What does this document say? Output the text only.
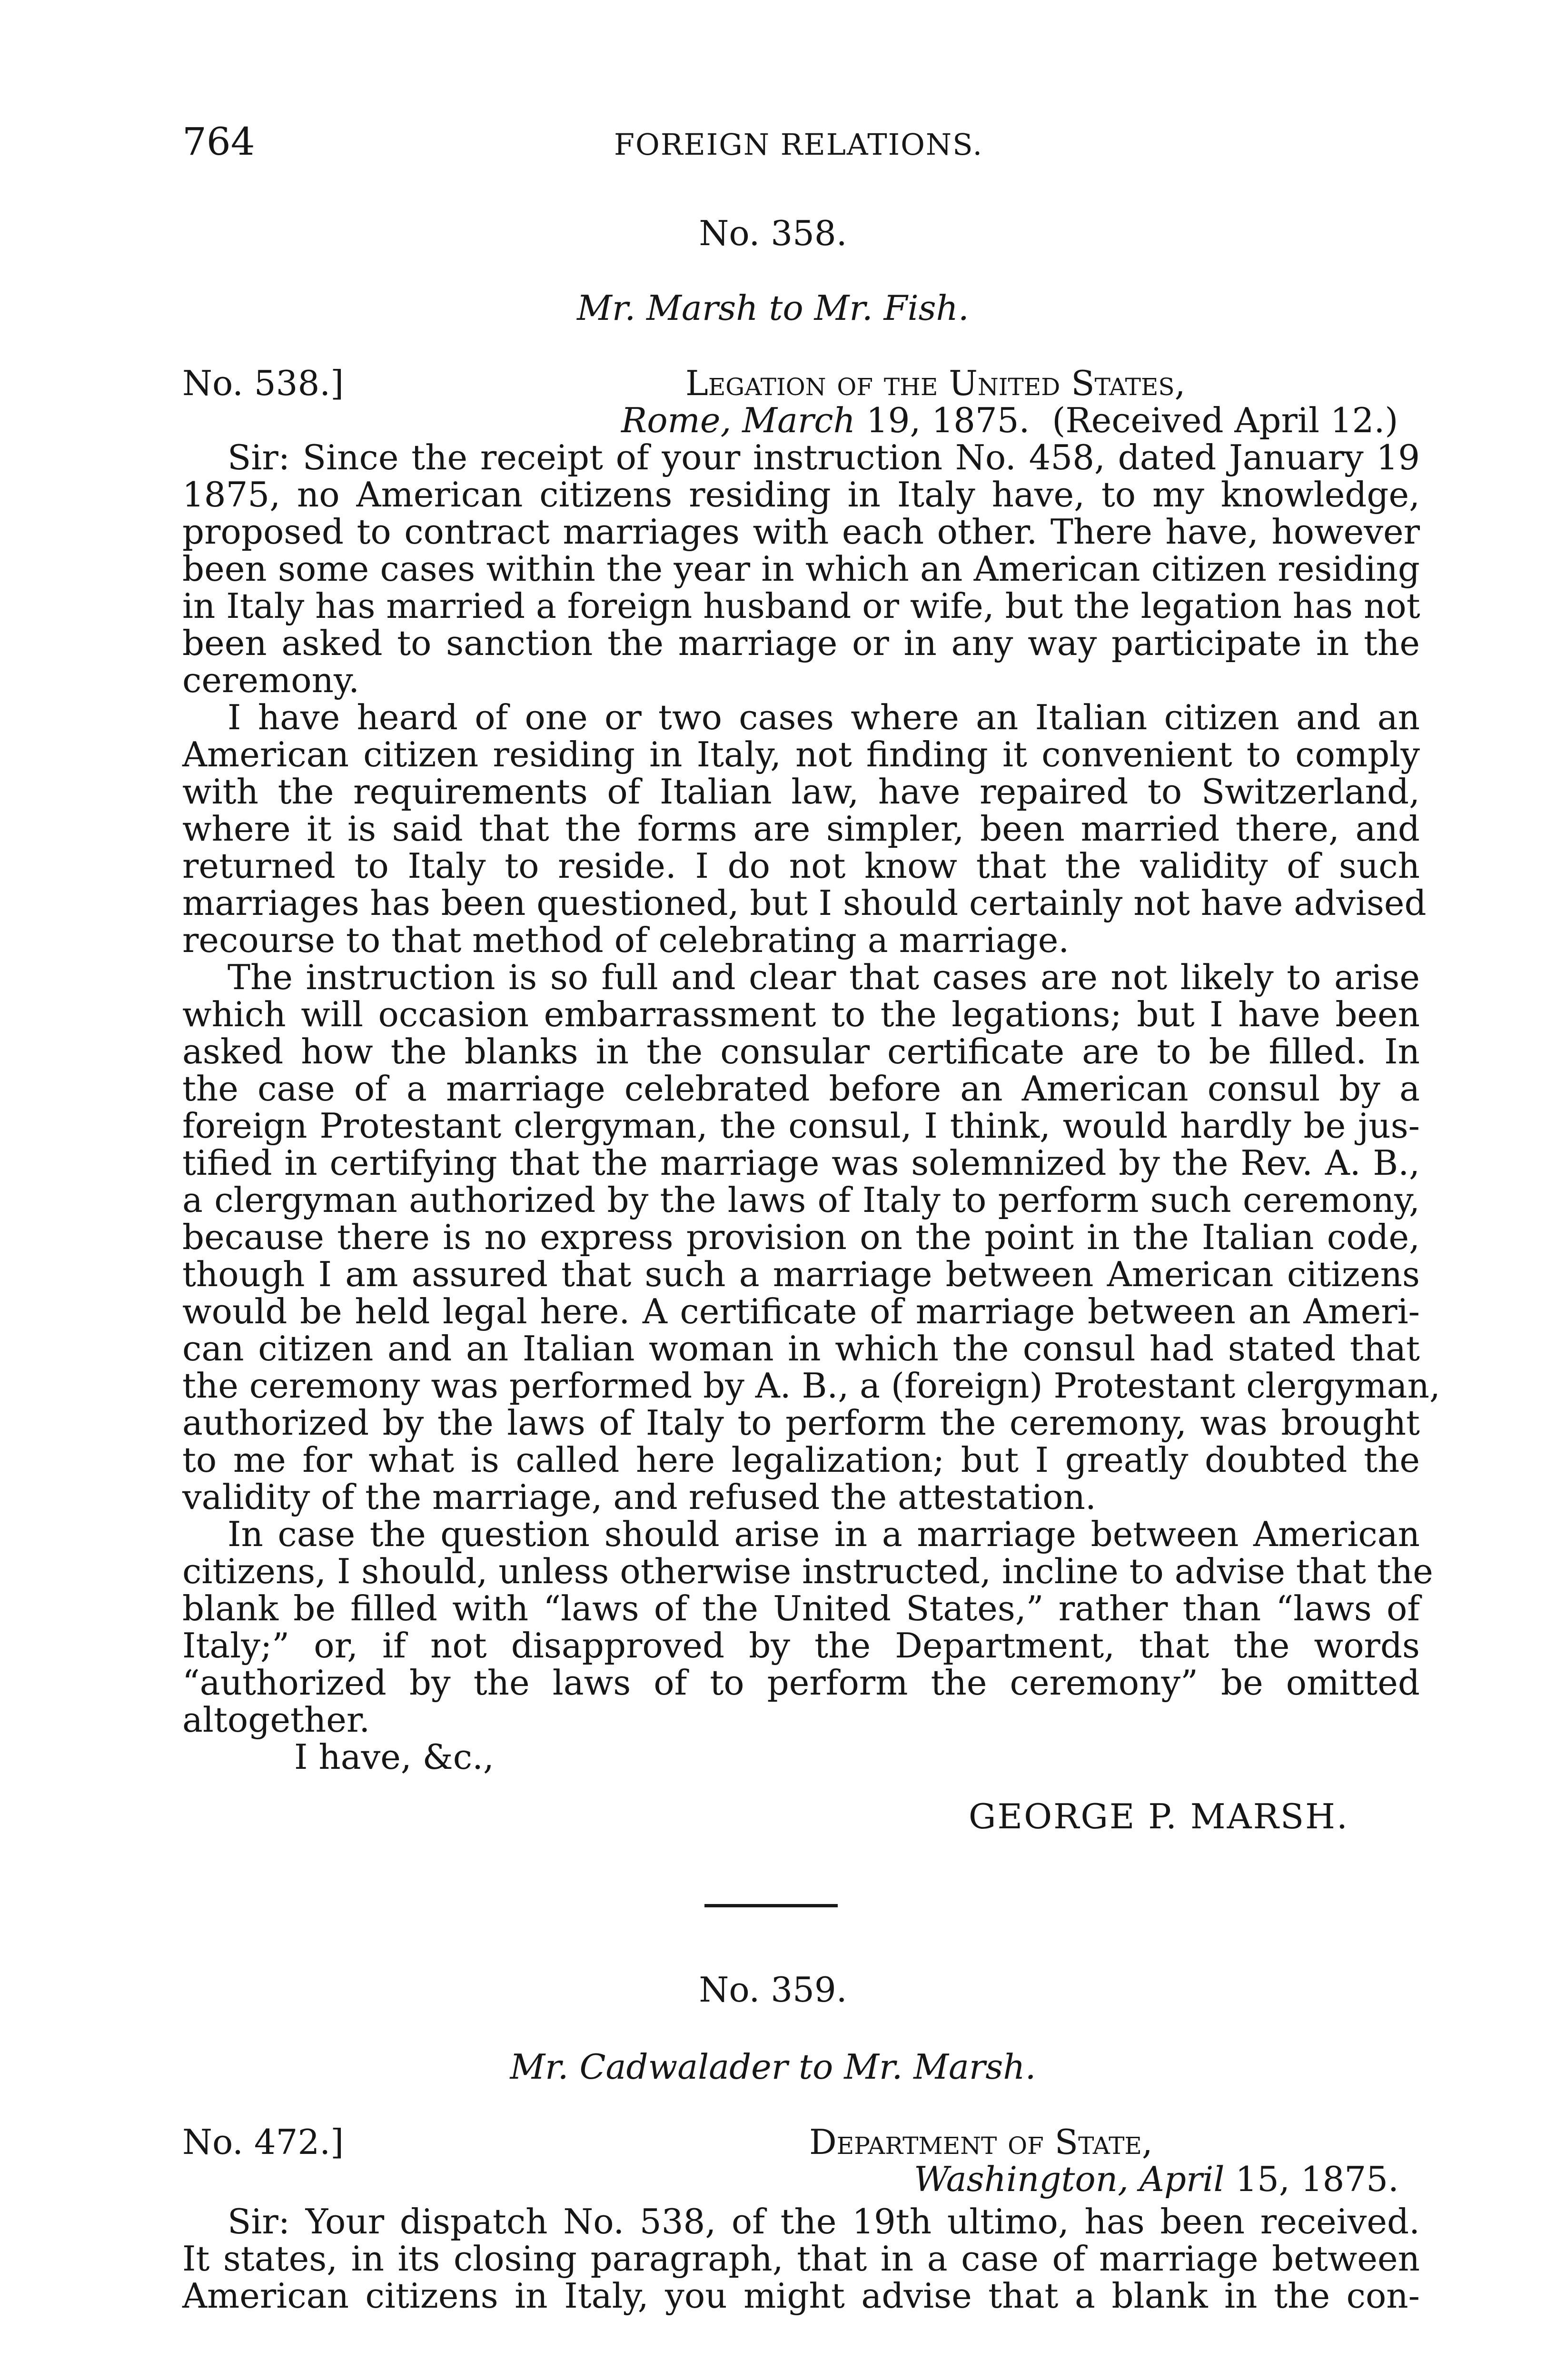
764	FOREIGN RELATIONS.
No. 358.
Mr. Marsh to Mr. Fish.
No. 538.]	Legation of the United States,
Rome, March 19, 1875. (Received April 12.)
Sir: Since the receipt of your instruction No. 458, dated January 19
1875, no American citizens residing in Italy have, to my knowledge,
proposed to contract marriages with each other. There have, however
been some cases within the year in which an American citizen residing
in Italy has married a foreign husband or wife, but the legation has not
been asked to sanction the marriage or in any way participate in the
ceremony.
I have heard of one or two cases where an Italian citizen and an
American citizen residing in Italy, not finding it convenient to comply
with the requirements of Italian law, have repaired to Switzerland,
where it is said that the forms are simpler, been married there, and
returned to Italy to reside. I do not know that the validity of such
marriages has been questioned, but I should certainly not have advised
recourse to that method of celebrating a marriage.
The instruction is so full and clear that cases are not likely to arise
which will occasion embarrassment to the legations; but I have been
asked how the blanks in the consular certificate are to be filled. In
the case of a marriage celebrated before an American consul by a
foreign Protestant clergyman, the consul, I think, would hardly be jus-
tified in certifying that the marriage was solemnized by the Rev. A. B.,
a clergyman authorized by the laws of Italy to perform such ceremony,
because there is no express provision on the point in the Italian code,
though I am assured that such a marriage between American citizens
would be held legal here. A certificate of marriage between an Ameri-
can citizen and an Italian woman in which the consul had stated that
the ceremony was performed by A. B., a (foreign) Protestant clergyman,
authorized by the laws of Italy to perform the ceremony, was brought
to me for what is called here legalization; but I greatly doubted the
validity of the marriage, and refused the attestation.
In case the question should arise in a marriage between American
citizens, I should, unless otherwise instructed, incline to advise that the
blank be filled with “laws of the United States,” rather than “laws of
Italy;” or, if not disapproved by the Department, that the words
“authorized by the laws of to perform the ceremony” be omitted
altogether.
I have, &c.,
GEORGE P. MARSH.
No. 359.
Mr. Cadwalader to Mr. Marsh.
No. 472.]	Department of State,
Washington, April 15, 1875.
Sir: Your dispatch No. 538, of the 19th ultimo, has been received.
It states, in its closing paragraph, that in a case of marriage between
American citizens in Italy, you might advise that a blank in the con-
